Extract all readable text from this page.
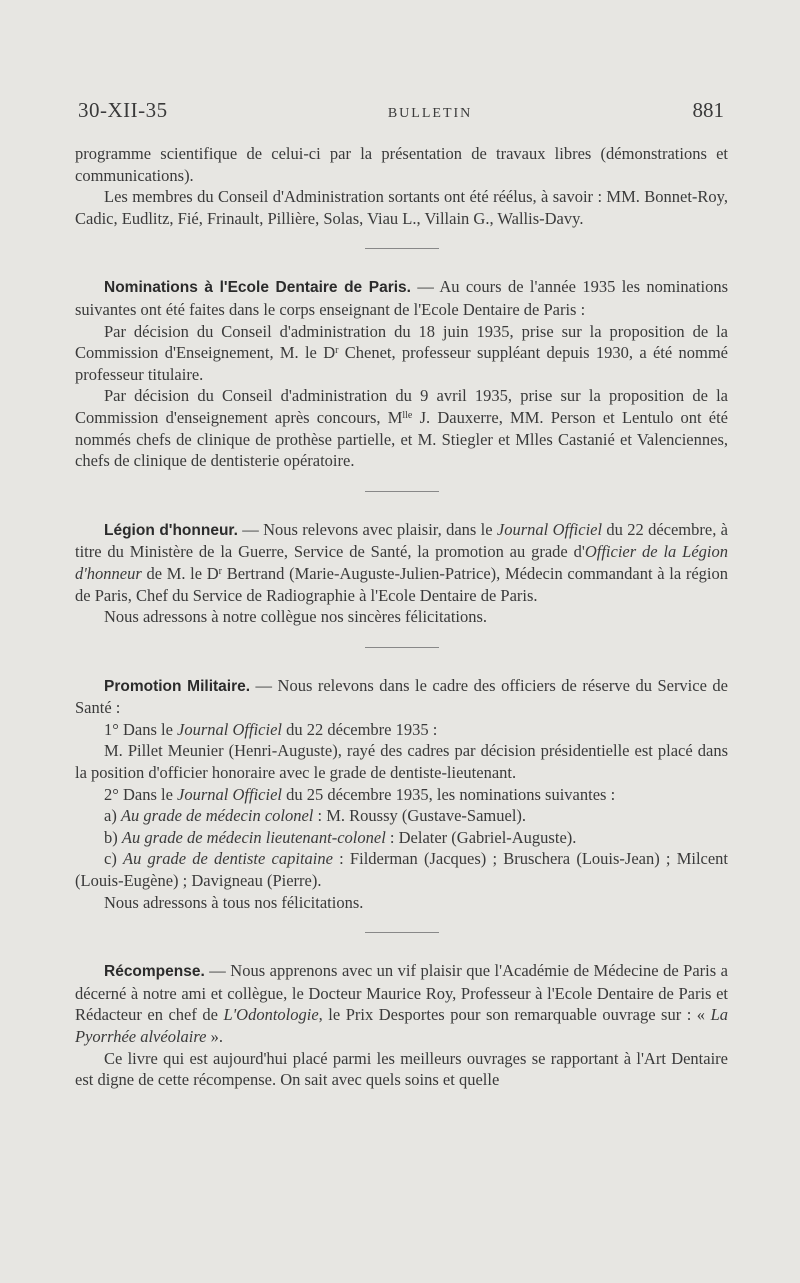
30-XII-35	BULLETIN	881

programme scientifique de celui-ci par la présentation de travaux libres (démonstrations et communications).

Les membres du Conseil d'Administration sortants ont été réélus, à savoir : MM. Bonnet-Roy, Cadic, Eudlitz, Fié, Frinault, Pillière, Solas, Viau L., Villain G., Wallis-Davy.

Nominations à l'Ecole Dentaire de Paris. — Au cours de l'année 1935 les nominations suivantes ont été faites dans le corps enseignant de l'Ecole Dentaire de Paris :

Par décision du Conseil d'administration du 18 juin 1935, prise sur la proposition de la Commission d'Enseignement, M. le $D^r$ Chenet, professeur suppléant depuis 1930, a été nommé professeur titulaire.

Par décision du Conseil d'administration du 9 avril 1935, prise sur la proposition de la Commission d'enseignement après concours, $M^{lle}$ J. Dauxerre, MM. Person et Lentulo ont été nommés chefs de clinique de prothèse partielle, et M. Stiegler et Mlles Castanié et Valenciennes, chefs de clinique de dentisterie opératoire.

Légion d'honneur. — Nous relevons avec plaisir, dans le Journal Officiel du 22 décembre, à titre du Ministère de la Guerre, Service de Santé, la promotion au grade d'Officier de la Légion d'honneur de M. le $D^r$ Bertrand (Marie-Auguste-Julien-Patrice), Médecin commandant à la région de Paris, Chef du Service de Radiographie à l'Ecole Dentaire de Paris.

Nous adressons à notre collègue nos sincères félicitations.

Promotion Militaire. — Nous relevons dans le cadre des officiers de réserve du Service de Santé :

1° Dans le Journal Officiel du 22 décembre 1935 :

M. Pillet Meunier (Henri-Auguste), rayé des cadres par décision présidentielle est placé dans la position d'officier honoraire avec le grade de dentiste-lieutenant.

2° Dans le Journal Officiel du 25 décembre 1935, les nominations suivantes :

a) Au grade de médecin colonel : M. Roussy (Gustave-Samuel).

b) Au grade de médecin lieutenant-colonel : Delater (Gabriel-Auguste).

c) Au grade de dentiste capitaine : Filderman (Jacques) ; Bruschera (Louis-Jean) ; Milcent (Louis-Eugène) ; Davigneau (Pierre).

Nous adressons à tous nos félicitations.

Récompense. — Nous apprenons avec un vif plaisir que l'Académie de Médecine de Paris a décerné à notre ami et collègue, le Docteur Maurice Roy, Professeur à l'Ecole Dentaire de Paris et Rédacteur en chef de L'Odontologie, le Prix Desportes pour son remarquable ouvrage sur : « La Pyorrhée alvéolaire ».

Ce livre qui est aujourd'hui placé parmi les meilleurs ouvrages se rapportant à l'Art Dentaire est digne de cette récompense. On sait avec quels soins et quelle
